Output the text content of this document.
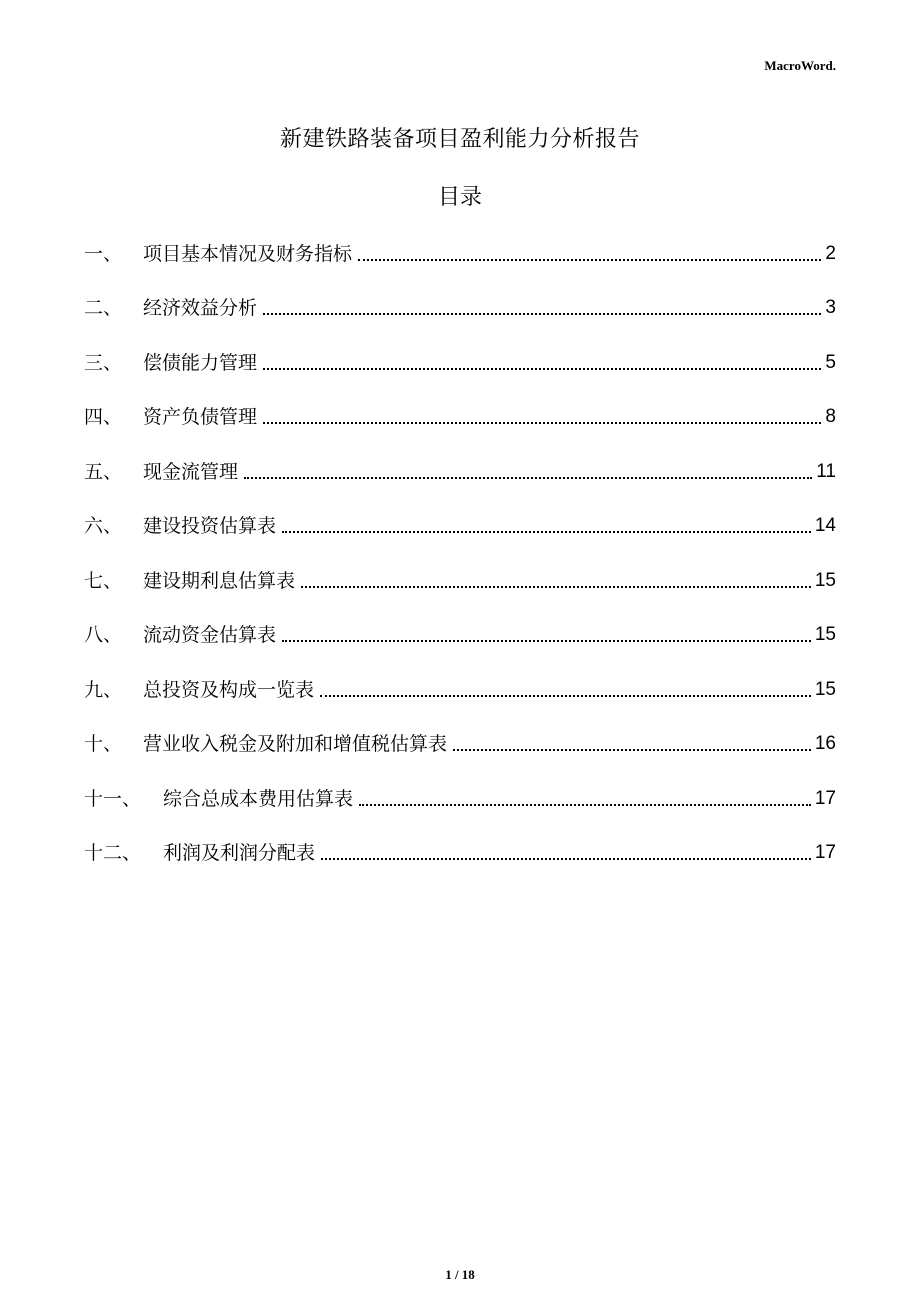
MacroWord.
新建铁路装备项目盈利能力分析报告
目录
一、	项目基本情况及财务指标	2
二、	经济效益分析	3
三、	偿债能力管理	5
四、	资产负债管理	8
五、	现金流管理	11
六、	建设投资估算表	14
七、	建设期利息估算表	15
八、	流动资金估算表	15
九、	总投资及构成一览表	15
十、	营业收入税金及附加和增值税估算表	16
十一、	综合总成本费用估算表	17
十二、	利润及利润分配表	17
1 / 18
